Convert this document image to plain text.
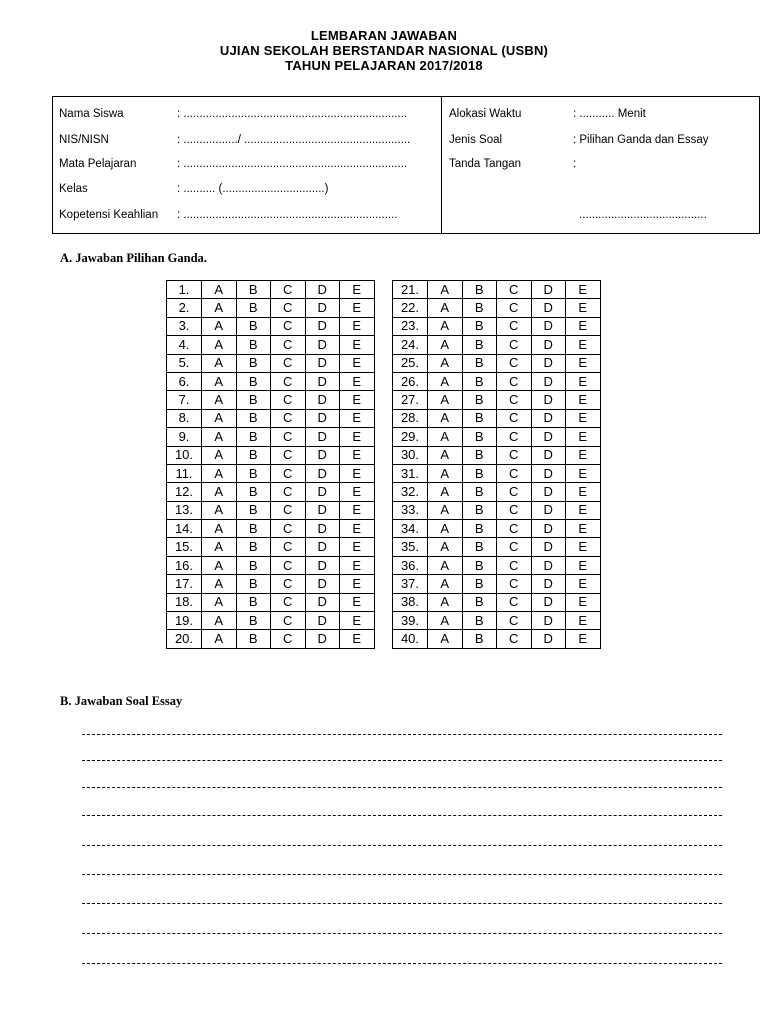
LEMBARAN JAWABAN
UJIAN SEKOLAH BERSTANDAR NASIONAL (USBN)
TAHUN PELAJARAN 2017/2018
Nama Siswa	: ......................................................................
NIS/NISN	: ................./ ....................................................
Mata Pelajaran	: ......................................................................
Kelas	: .......... (................................)
Kopetensi Keahlian : ...................................................................
Alokasi Waktu	: ........... Menit
Jenis Soal	: Pilihan Ganda dan Essay
Tanda Tangan	:
........................................
A. Jawaban Pilihan Ganda.
1.	A	B	C	D	E
2.	A	B	C	D	E
3.	A	B	C	D	E
4.	A	B	C	D	E
5.	A	B	C	D	E
6.	A	B	C	D	E
7.	A	B	C	D	E
8.	A	B	C	D	E
9.	A	B	C	D	E
10.	A	B	C	D	E
11.	A	B	C	D	E
12.	A	B	C	D	E
13.	A	B	C	D	E
14.	A	B	C	D	E
15.	A	B	C	D	E
16.	A	B	C	D	E
17.	A	B	C	D	E
18.	A	B	C	D	E
19.	A	B	C	D	E
20.	A	B	C	D	E
21.	A	B	C	D	E
22.	A	B	C	D	E
23.	A	B	C	D	E
24.	A	B	C	D	E
25.	A	B	C	D	E
26.	A	B	C	D	E
27.	A	B	C	D	E
28.	A	B	C	D	E
29.	A	B	C	D	E
30.	A	B	C	D	E
31.	A	B	C	D	E
32.	A	B	C	D	E
33.	A	B	C	D	E
34.	A	B	C	D	E
35.	A	B	C	D	E
36.	A	B	C	D	E
37.	A	B	C	D	E
38.	A	B	C	D	E
39.	A	B	C	D	E
40.	A	B	C	D	E
B. Jawaban Soal Essay
